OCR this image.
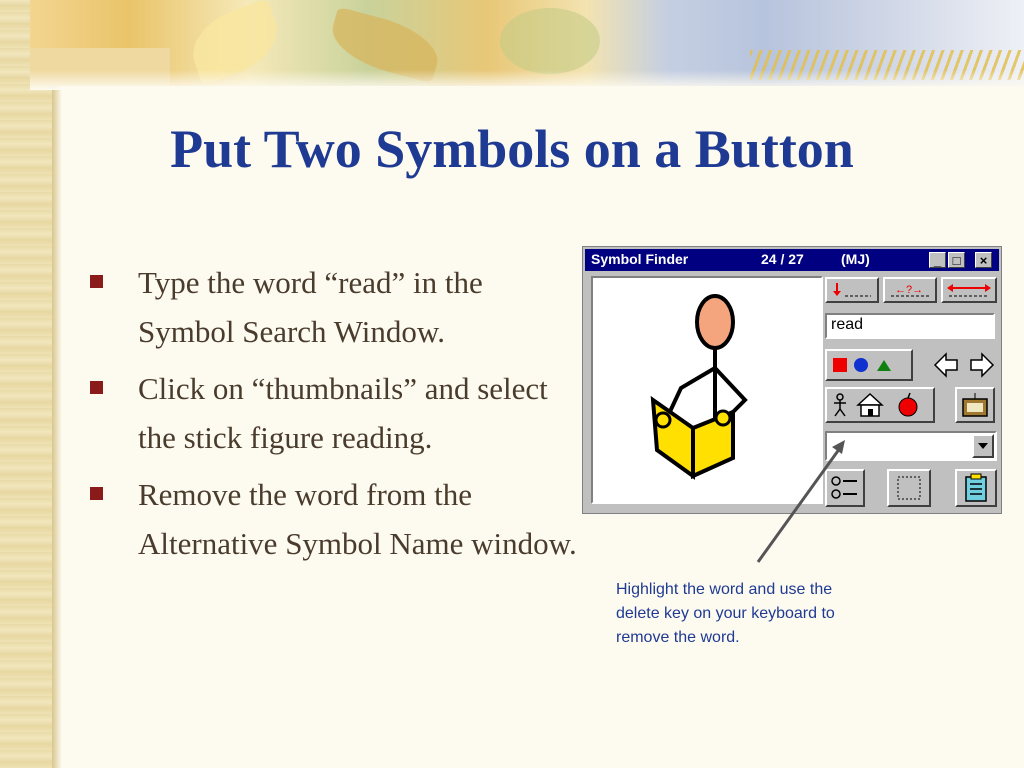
Put Two Symbols on a Button
Type the word “read” in the Symbol Search Window.
Click on “thumbnails” and select the stick figure reading.
Remove the word from the Alternative Symbol Name window.
Symbol Finder	24 / 27	(MJ)	_ □	×
←?→
read

Highlight the word and use the delete key on your keyboard to remove the word.
